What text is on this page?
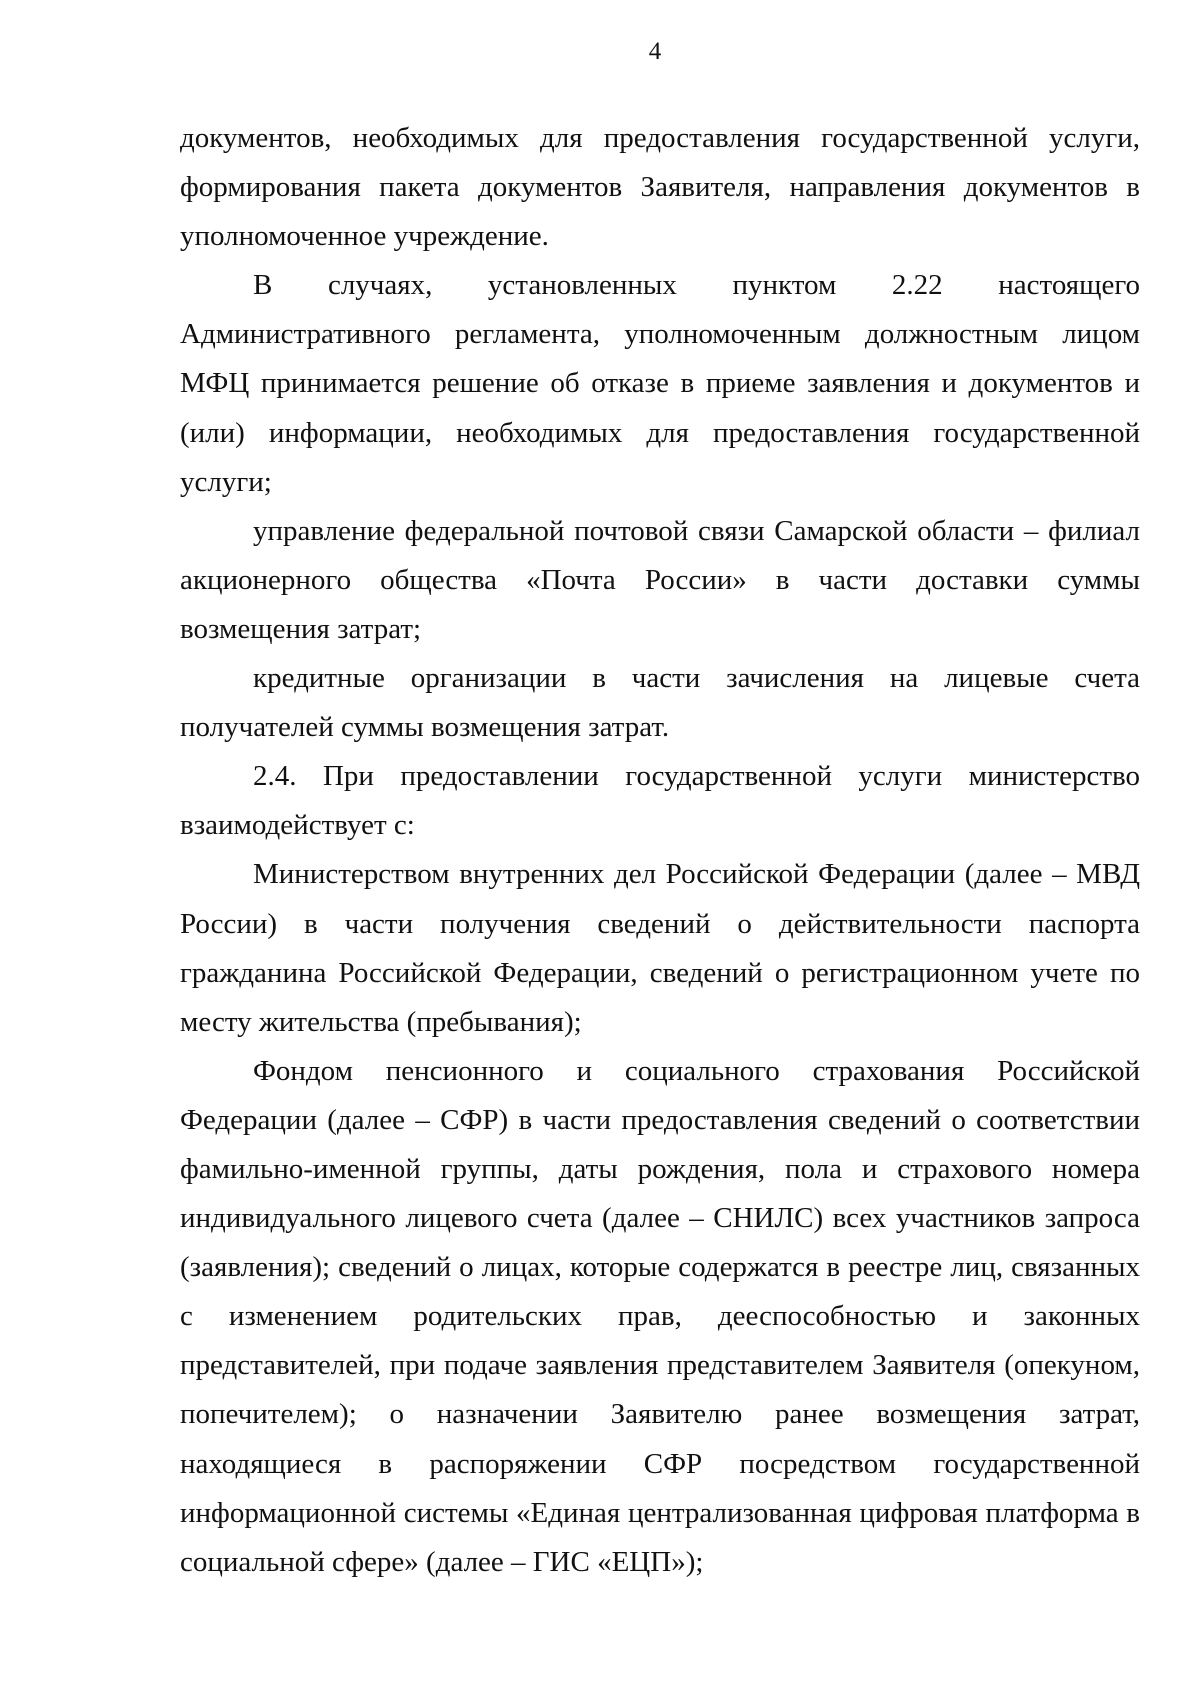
4

документов, необходимых для предоставления государственной услуги, формирования пакета документов Заявителя, направления документов в уполномоченное учреждение.

В случаях, установленных пунктом 2.22 настоящего Административного регламента, уполномоченным должностным лицом МФЦ принимается решение об отказе в приеме заявления и документов и (или) информации, необходимых для предоставления государственной услуги;

управление федеральной почтовой связи Самарской области – филиал акционерного общества «Почта России» в части доставки суммы возмещения затрат;

кредитные организации в части зачисления на лицевые счета получателей суммы возмещения затрат.

2.4. При предоставлении государственной услуги министерство взаимодействует с:

Министерством внутренних дел Российской Федерации (далее – МВД России) в части получения сведений о действительности паспорта гражданина Российской Федерации, сведений о регистрационном учете по месту жительства (пребывания);

Фондом пенсионного и социального страхования Российской Федерации (далее – СФР) в части предоставления сведений о соответствии фамильно-именной группы, даты рождения, пола и страхового номера индивидуального лицевого счета (далее – СНИЛС) всех участников запроса (заявления); сведений о лицах, которые содержатся в реестре лиц, связанных с изменением родительских прав, дееспособностью и законных представителей, при подаче заявления представителем Заявителя (опекуном, попечителем); о назначении Заявителю ранее возмещения затрат, находящиеся в распоряжении СФР посредством государственной информационной системы «Единая централизованная цифровая платформа в социальной сфере» (далее – ГИС «ЕЦП»);
